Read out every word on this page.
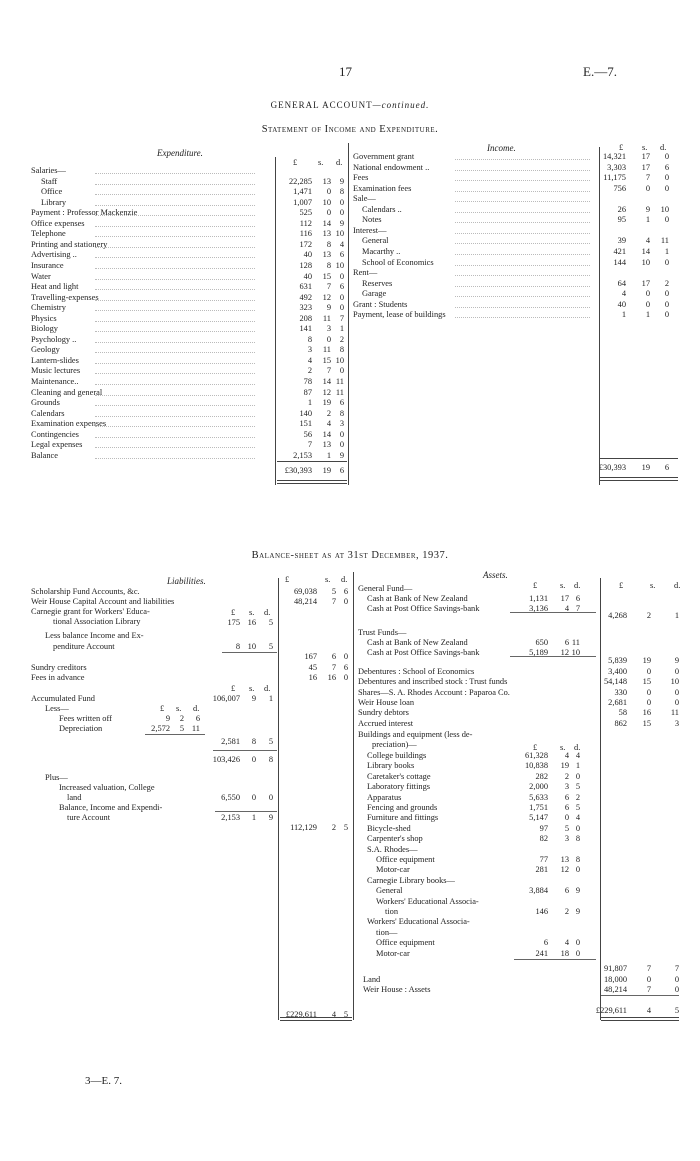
17	E.—7.
GENERAL ACCOUNT—continued.
Statement of Income and Expenditure.
Expenditure.	Income.
£ s. d.
Salaries—
Staff	22,285	13	9
Office	1,471	0	8
Library	1,007	10	0
Payment : Professor Mackenzie	525	0	0
Office expenses	112	14	9
Telephone	116	13 10
Printing and stationery	172	8	4
Advertising ..	40	13	6
Insurance	128	8 10
Water	40	15	0
Heat and light	631	7	6
Travelling-expenses	492	12	0
Chemistry	323	9	0
Physics	208	11	7
Biology	141	3	1
Psychology ..	8	0	2
Geology	3	11	8
Lantern-slides	4	15 10
Music lectures	2	7	0
Maintenance..	78	14 11
Cleaning and general	87	12 11
Grounds	1	19	6
Calendars	140	2	8
Examination expenses	151	4	3
Contingencies	56	14	0
Legal expenses	7	13	0
Balance	2,153	1	9
£30,393	19	6
£ s. d.
Government grant	14,321	17	0
National endowment ..	3,303	17	6
Fees	11,175	7	0
Examination fees	756	0	0
Sale—
Calendars ..	26	9	10
Notes	95	1	0
Interest—
General	39	4	11
Macarthy ..	421	14	1
School of Economics	144	10	0
Rent—
Reserves	64	17	2
Garage	4	0	0
Grant : Students	40	0	0
Payment, lease of buildings	1	1	0
£30,393	19	6
£	s. d.
Scholarship Fund Accounts, &c.	69,038	5 6
Weir House Capital Account and liabilities	48,214	7 0
Carnegie grant for Workers' Educa-	£ s. d.
tional Association Library	175 16	5
Less balance Income and Ex-
penditure Account	8 10	5
167	6 0
Sundry creditors	45	7 6
Fees in advance	16	16 0
£ s. d.
Accumulated Fund	106,007	9	1
Less—	£ s. d.
Fees written off	9	2	6
Depreciation	2,572	5 11
2,581	8	5
103,426	0	8
Plus—
Increased valuation, College
land	6,550	0	0
Balance, Income and Expendi-
ture Account	2,153	1	9
112,129	2 5
£229,611	4 5
£	s. d.	£	s. d.
General Fund—
Cash at Bank of New Zealand	1,131	17 6
Cash at Post Office Savings-bank	3,136	4 7
4,268	2	1
Trust Funds—
Cash at Bank of New Zealand	650	6 11
Cash at Post Office Savings-bank	5,189	12 10
5,839	19	9
Debentures : School of Economics	3,400	0	0
Debentures and inscribed stock : Trust funds	54,148	15	10
Shares—S. A. Rhodes Account : Paparoa Co.	330	0	0
Weir House loan	2,681	0	0
Sundry debtors	58	16	11
Accrued interest	862	15	3
Buildings and equipment (less de-
preciation)—	£	s. d.
College buildings	61,328	4 4
Library books	10,838	19 1
Caretaker's cottage	282	2 0
Laboratory fittings	2,000	3 5
Apparatus	5,633	6 2
Fencing and grounds	1,751	6 5
Furniture and fittings	5,147	0 4
Bicycle-shed	97	5 0
Carpenter's shop	82	3 8
S.A. Rhodes—
Office equipment	77	13 8
Motor-car	281	12 0
Carnegie Library books—
General	3,884	6 9
Workers' Educational Associa-
tion	146	2 9
Workers' Educational Associa-
tion—
Office equipment	6	4 0
Motor-car	241	18 0
91,807	7	7
Land	18,000	0	0
Weir House : Assets	48,214	7	0
£229,611	4	5
Balance-sheet as at 31st December, 1937.
Liabilities.
Assets.
3—E. 7.
